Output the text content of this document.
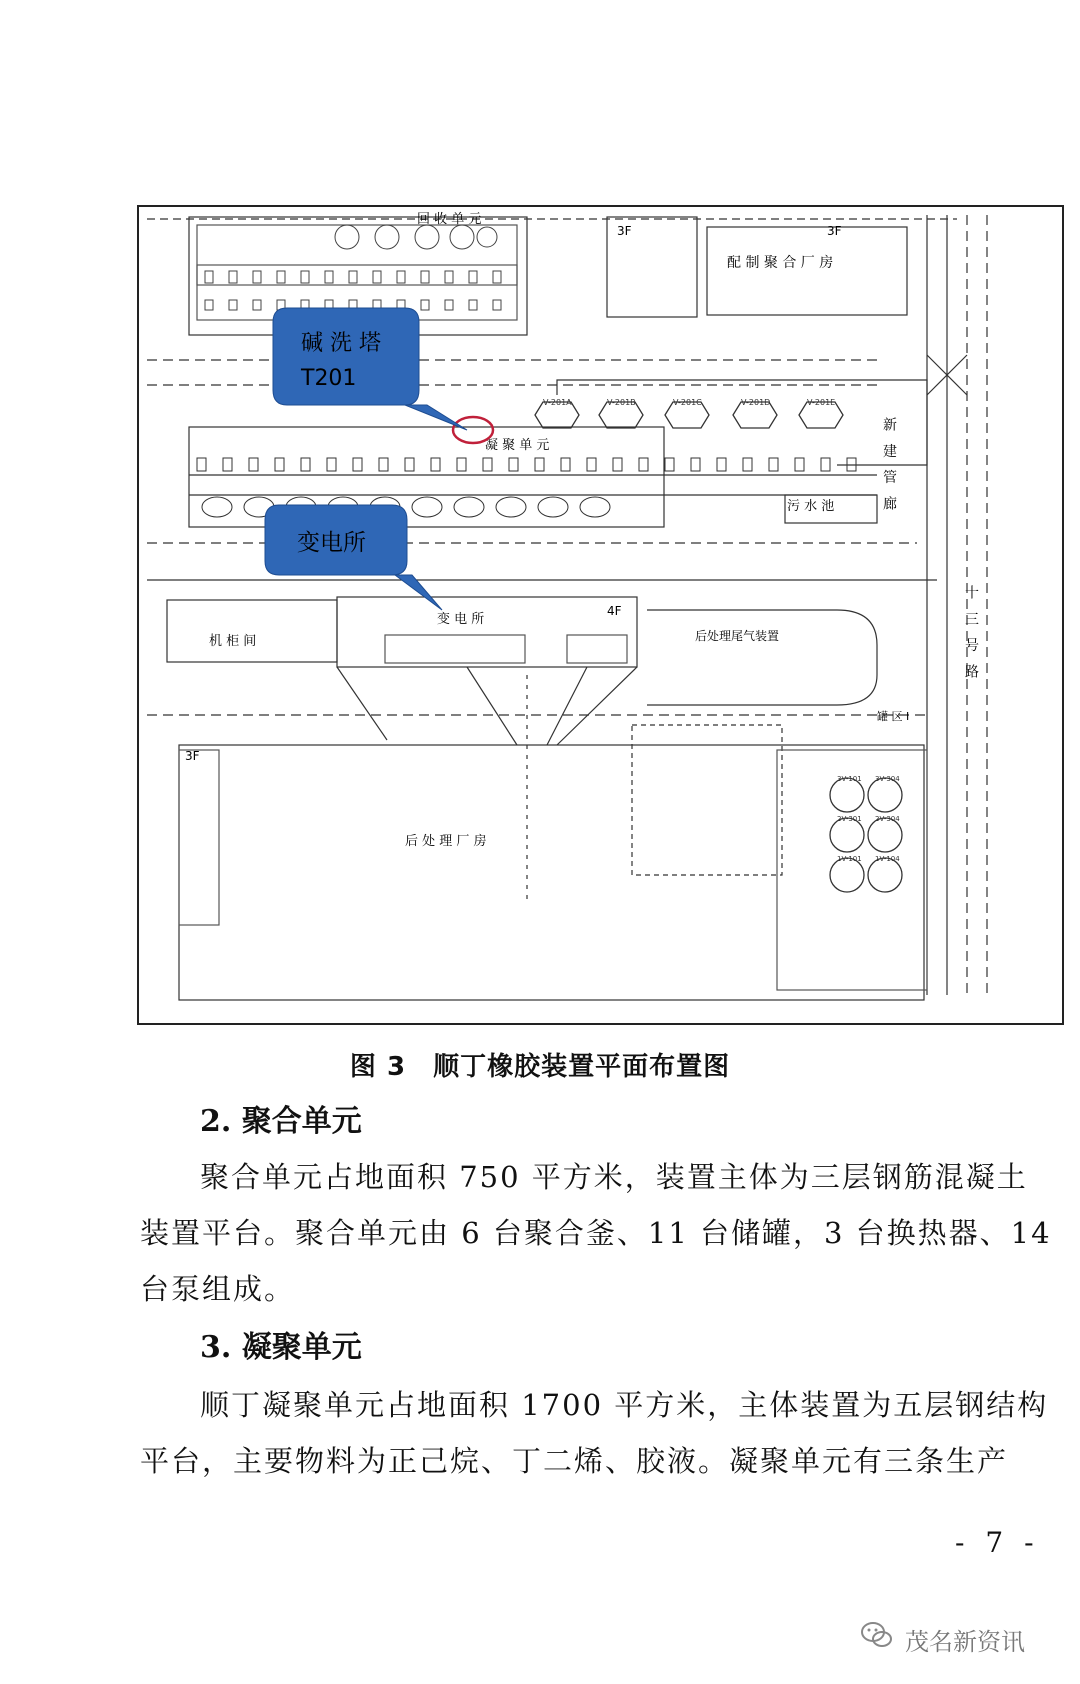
V-201A	V-201B	V-201C	V-201D	V-201E
3V-101 3V-304
2V-301 2V-304
1V-101 1V-104
回 收 单 元
3F	3F
配 制 聚 合 厂 房
凝 聚 单 元
污 水 池
机 柜 间
变 电 所
4F
后处理尾气装置
3F
后 处 理 厂 房
罐 区 Ⅰ
新 建 管 廊
十 三 号 路
碱 洗 塔
T201
变电所
图 3　顺丁橡胶装置平面布置图
2. 聚合单元
聚合单元占地面积 750 平方米，装置主体为三层钢筋混凝土
装置平台。聚合单元由 6 台聚合釜、11 台储罐，3 台换热器、14
台泵组成。
3. 凝聚单元
顺丁凝聚单元占地面积 1700 平方米，主体装置为五层钢结构
平台，主要物料为正己烷、丁二烯、胶液。凝聚单元有三条生产
- 7 -
茂名新资讯
